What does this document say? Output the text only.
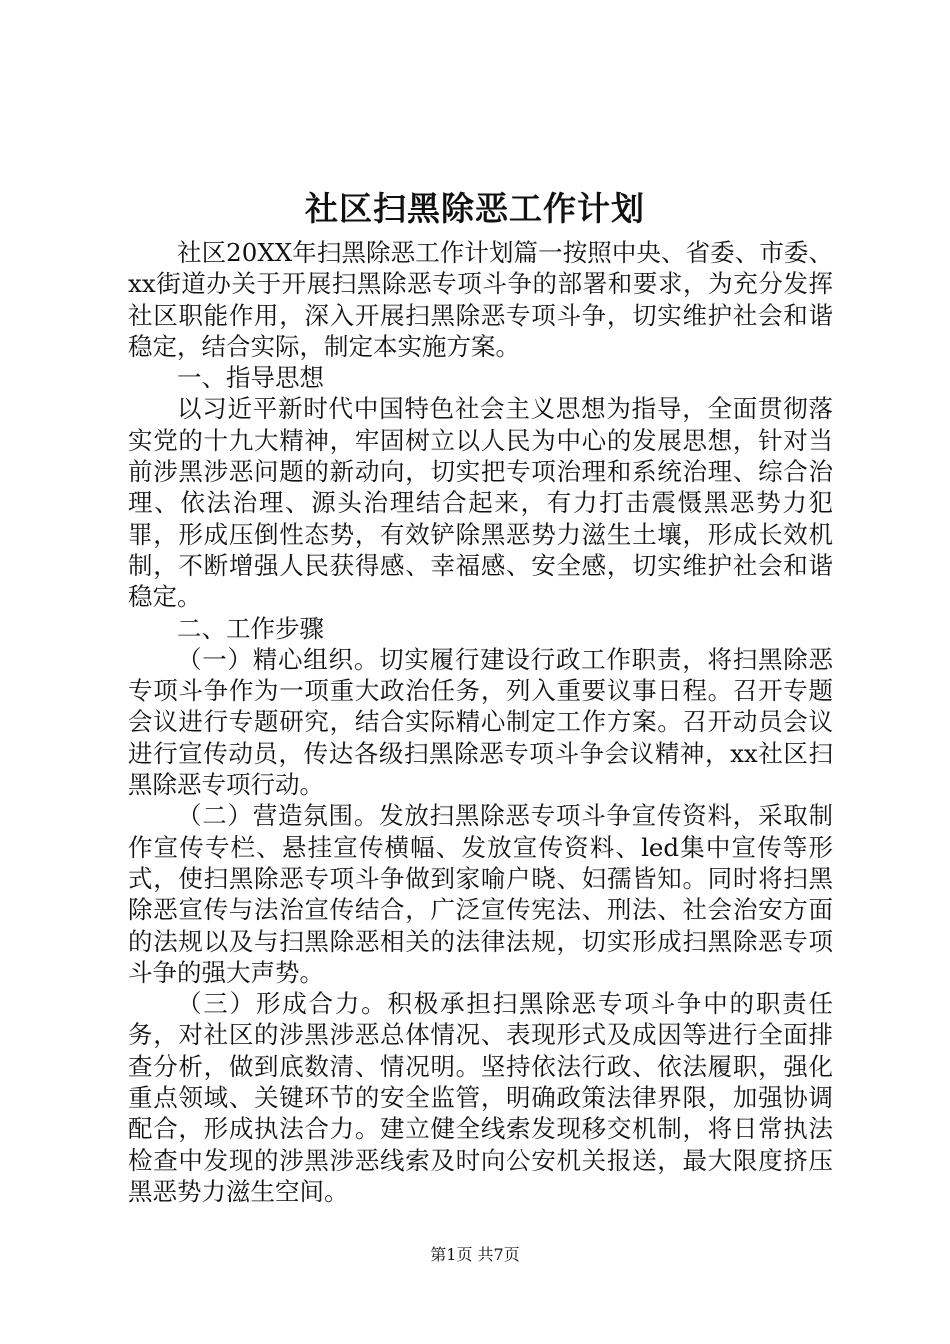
社区扫黑除恶工作计划

社区20XX年扫黑除恶工作计划篇一按照中央、省委、市委、xx街道办关于开展扫黑除恶专项斗争的部署和要求，为充分发挥社区职能作用，深入开展扫黑除恶专项斗争，切实维护社会和谐稳定，结合实际，制定本实施方案。

一、指导思想

以习近平新时代中国特色社会主义思想为指导，全面贯彻落实党的十九大精神，牢固树立以人民为中心的发展思想，针对当前涉黑涉恶问题的新动向，切实把专项治理和系统治理、综合治理、依法治理、源头治理结合起来，有力打击震慑黑恶势力犯罪，形成压倒性态势，有效铲除黑恶势力滋生土壤，形成长效机制，不断增强人民获得感、幸福感、安全感，切实维护社会和谐稳定。

二、工作步骤

（一）精心组织。切实履行建设行政工作职责，将扫黑除恶专项斗争作为一项重大政治任务，列入重要议事日程。召开专题会议进行专题研究，结合实际精心制定工作方案。召开动员会议进行宣传动员，传达各级扫黑除恶专项斗争会议精神，xx社区扫黑除恶专项行动。

（二）营造氛围。发放扫黑除恶专项斗争宣传资料，采取制作宣传专栏、悬挂宣传横幅、发放宣传资料、led集中宣传等形式，使扫黑除恶专项斗争做到家喻户晓、妇孺皆知。同时将扫黑除恶宣传与法治宣传结合，广泛宣传宪法、刑法、社会治安方面的法规以及与扫黑除恶相关的法律法规，切实形成扫黑除恶专项斗争的强大声势。

（三）形成合力。积极承担扫黑除恶专项斗争中的职责任务，对社区的涉黑涉恶总体情况、表现形式及成因等进行全面排查分析，做到底数清、情况明。坚持依法行政、依法履职，强化重点领域、关键环节的安全监管，明确政策法律界限，加强协调配合，形成执法合力。建立健全线索发现移交机制，将日常执法检查中发现的涉黑涉恶线索及时向公安机关报送，最大限度挤压黑恶势力滋生空间。

第1页 共7页
